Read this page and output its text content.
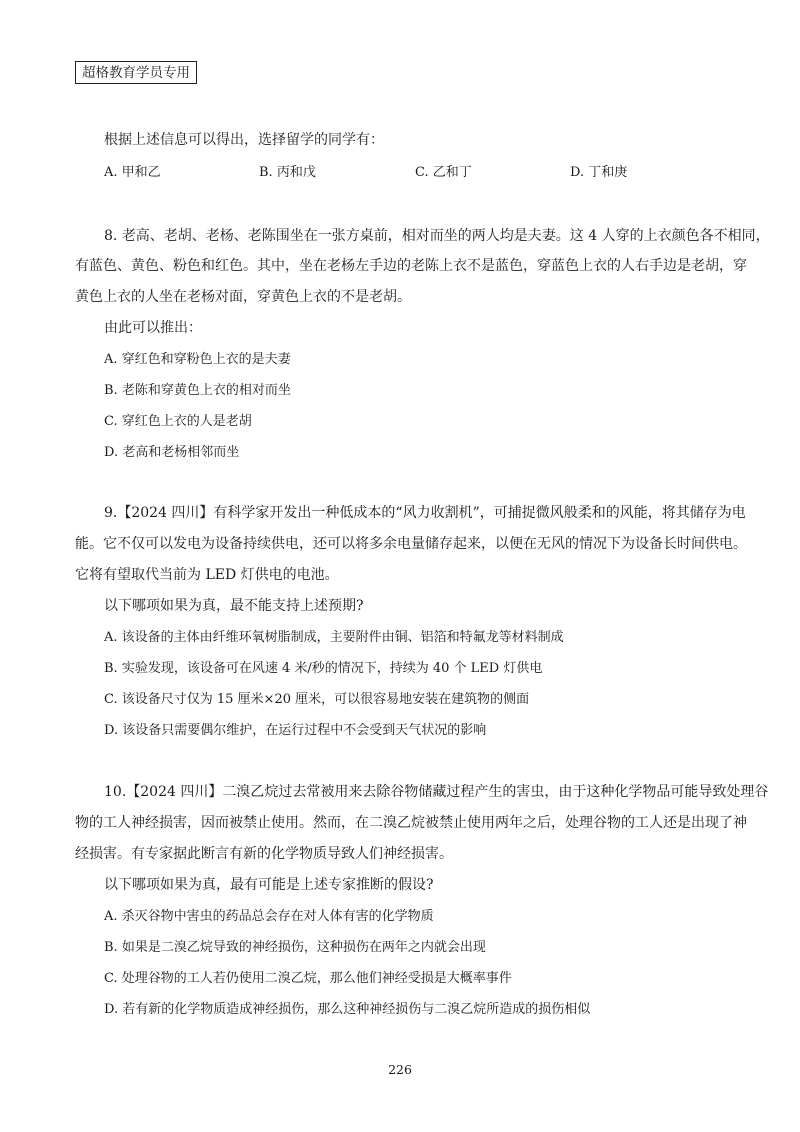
超格教育学员专用
根据上述信息可以得出，选择留学的同学有：
A. 甲和乙	B. 丙和戊	C. 乙和丁	D. 丁和庚
8. 老高、老胡、老杨、老陈围坐在一张方桌前，相对而坐的两人均是夫妻。这 4 人穿的上衣颜色各不相同，
有蓝色、黄色、粉色和红色。其中，坐在老杨左手边的老陈上衣不是蓝色，穿蓝色上衣的人右手边是老胡，穿
黄色上衣的人坐在老杨对面，穿黄色上衣的不是老胡。
由此可以推出：
A. 穿红色和穿粉色上衣的是夫妻
B. 老陈和穿黄色上衣的相对而坐
C. 穿红色上衣的人是老胡
D. 老高和老杨相邻而坐
9.【2024 四川】有科学家开发出一种低成本的“风力收割机”，可捕捉微风般柔和的风能，将其储存为电
能。它不仅可以发电为设备持续供电，还可以将多余电量储存起来，以便在无风的情况下为设备长时间供电。
它将有望取代当前为 LED 灯供电的电池。
以下哪项如果为真，最不能支持上述预期?
A. 该设备的主体由纤维环氧树脂制成，主要附件由铜、铝箔和特氟龙等材料制成
B. 实验发现，该设备可在风速 4 米/秒的情况下，持续为 40 个 LED 灯供电
C. 该设备尺寸仅为 15 厘米×20 厘米，可以很容易地安装在建筑物的侧面
D. 该设备只需要偶尔维护，在运行过程中不会受到天气状况的影响
10.【2024 四川】二溴乙烷过去常被用来去除谷物储藏过程产生的害虫，由于这种化学物品可能导致处理谷
物的工人神经损害，因而被禁止使用。然而，在二溴乙烷被禁止使用两年之后，处理谷物的工人还是出现了神
经损害。有专家据此断言有新的化学物质导致人们神经损害。
以下哪项如果为真，最有可能是上述专家推断的假设?
A. 杀灭谷物中害虫的药品总会存在对人体有害的化学物质
B. 如果是二溴乙烷导致的神经损伤，这种损伤在两年之内就会出现
C. 处理谷物的工人若仍使用二溴乙烷，那么他们神经受损是大概率事件
D. 若有新的化学物质造成神经损伤，那么这种神经损伤与二溴乙烷所造成的损伤相似
226
